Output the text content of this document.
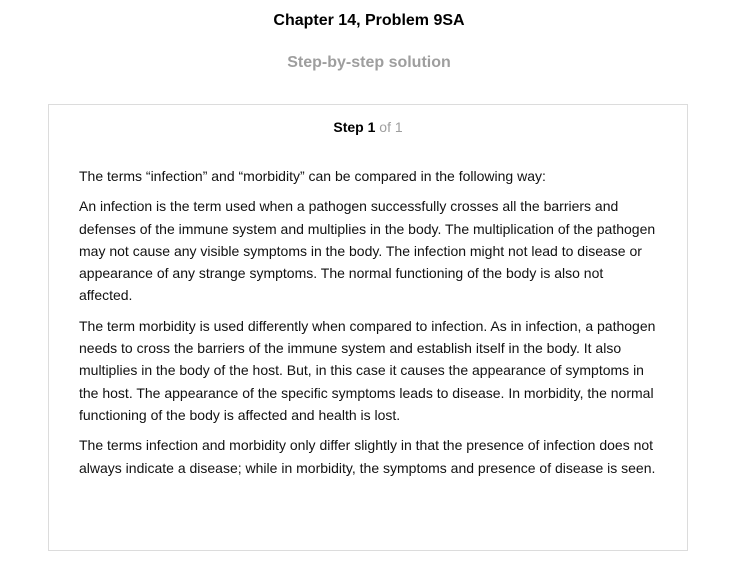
Chapter 14, Problem 9SA
Step-by-step solution
Step 1 of 1

The terms “infection” and “morbidity” can be compared in the following way:

An infection is the term used when a pathogen successfully crosses all the barriers and defenses of the immune system and multiplies in the body. The multiplication of the pathogen may not cause any visible symptoms in the body. The infection might not lead to disease or appearance of any strange symptoms. The normal functioning of the body is also not affected.

The term morbidity is used differently when compared to infection. As in infection, a pathogen needs to cross the barriers of the immune system and establish itself in the body. It also multiplies in the body of the host. But, in this case it causes the appearance of symptoms in the host. The appearance of the specific symptoms leads to disease. In morbidity, the normal functioning of the body is affected and health is lost.

The terms infection and morbidity only differ slightly in that the presence of infection does not always indicate a disease; while in morbidity, the symptoms and presence of disease is seen.
